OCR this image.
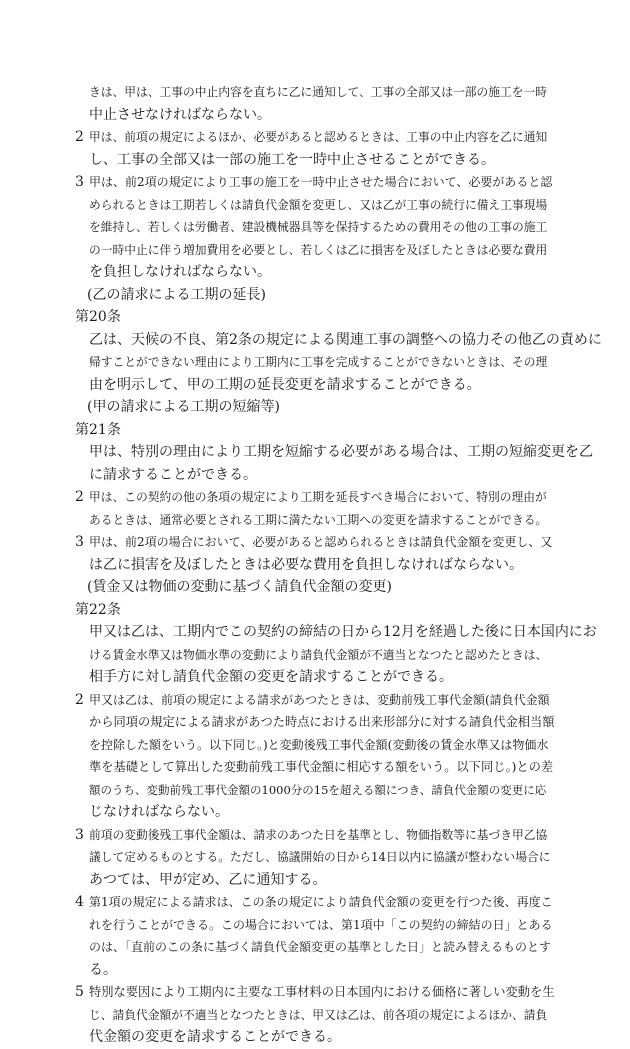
きは、甲は、工事の中止内容を直ちに乙に通知して、工事の全部又は一部の施工を一時
中止させなければならない。
2 甲は、前項の規定によるほか、必要があると認めるときは、工事の中止内容を乙に通知
し、工事の全部又は一部の施工を一時中止させることができる。
3 甲は、前2項の規定により工事の施工を一時中止させた場合において、必要があると認
められるときは工期若しくは請負代金額を変更し、又は乙が工事の続行に備え工事現場
を維持し、若しくは労働者、建設機械器具等を保持するための費用その他の工事の施工
の一時中止に伴う増加費用を必要とし、若しくは乙に損害を及ぼしたときは必要な費用
を負担しなければならない。
(乙の請求による工期の延長)
第20条乙は、天候の不良、第2条の規定による関連工事の調整への協力その他乙の責めに

帰すことができない理由により工期内に工事を完成することができないときは、その理
由を明示して、甲の工期の延長変更を請求することができる。
(甲の請求による工期の短縮等)
第21条甲は、特別の理由により工期を短縮する必要がある場合は、工期の短縮変更を乙

に請求することができる。
2 甲は、この契約の他の条項の規定により工期を延長すべき場合において、特別の理由が
あるときは、通常必要とされる工期に満たない工期への変更を請求することができる。
3 甲は、前2項の場合において、必要があると認められるときは請負代金額を変更し、又
は乙に損害を及ぼしたときは必要な費用を負担しなければならない。
(賃金又は物価の変動に基づく請負代金額の変更)
第22条甲又は乙は、工期内でこの契約の締結の日から12月を経過した後に日本国内にお

ける賃金水準又は物価水準の変動により請負代金額が不適当となつたと認めたときは、
相手方に対し請負代金額の変更を請求することができる。
2 甲又は乙は、前項の規定による請求があつたときは、変動前残工事代金額(請負代金額
から同項の規定による請求があつた時点における出来形部分に対する請負代金相当額
を控除した額をいう。以下同じ。)と変動後残工事代金額(変動後の賃金水準又は物価水
準を基礎として算出した変動前残工事代金額に相応する額をいう。以下同じ。)との差
額のうち、変動前残工事代金額の1000分の15を超える額につき、請負代金額の変更に応
じなければならない。
3 前項の変動後残工事代金額は、請求のあつた日を基準とし、物価指数等に基づき甲乙協
議して定めるものとする。ただし、協議開始の日から14日以内に協議が整わない場合に
あつては、甲が定め、乙に通知する。
4 第1項の規定による請求は、この条の規定により請負代金額の変更を行つた後、再度こ
れを行うことができる。この場合においては、第1項中「この契約の締結の日」とある
のは、「直前のこの条に基づく請負代金額変更の基準とした日」と読み替えるものとす
る。
5 特別な要因により工期内に主要な工事材料の日本国内における価格に著しい変動を生
じ、請負代金額が不適当となつたときは、甲又は乙は、前各項の規定によるほか、請負
代金額の変更を請求することができる。
